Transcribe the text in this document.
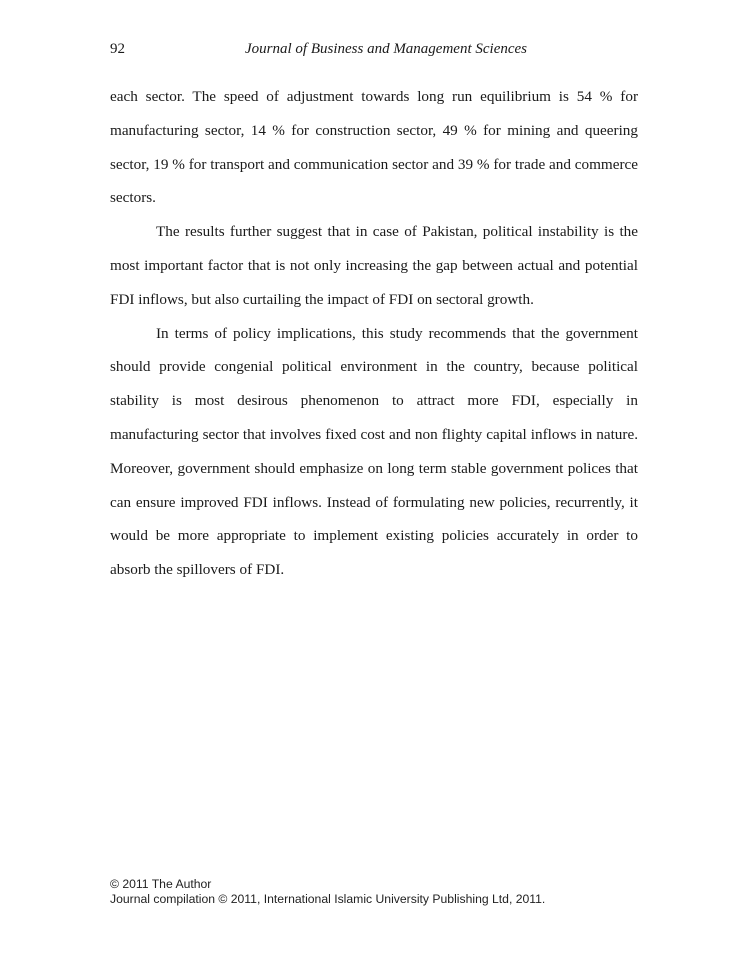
92	Journal of Business and Management Sciences

each sector. The speed of adjustment towards long run equilibrium is 54 % for manufacturing sector, 14 % for construction sector, 49 % for mining and queering sector, 19 % for transport and communication sector and 39 % for trade and commerce sectors.

The results further suggest that in case of Pakistan, political instability is the most important factor that is not only increasing the gap between actual and potential FDI inflows, but also curtailing the impact of FDI on sectoral growth.

In terms of policy implications, this study recommends that the government should provide congenial political environment in the country, because political stability is most desirous phenomenon to attract more FDI, especially in manufacturing sector that involves fixed cost and non flighty capital inflows in nature. Moreover, government should emphasize on long term stable government polices that can ensure improved FDI inflows. Instead of formulating new policies, recurrently, it would be more appropriate to implement existing policies accurately in order to absorb the spillovers of FDI.

© 2011 The Author
Journal compilation © 2011, International Islamic University Publishing Ltd, 2011.
